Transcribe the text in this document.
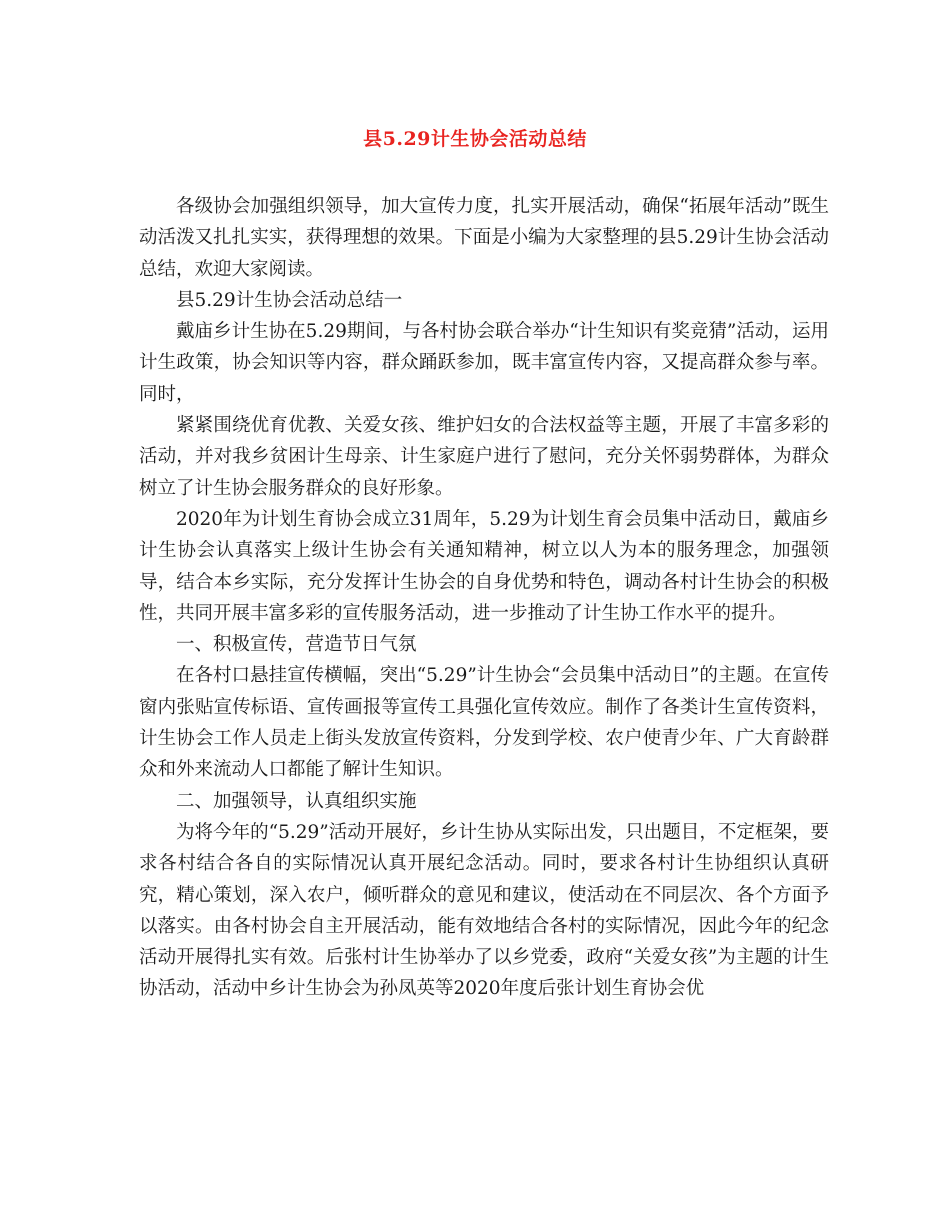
县5.29计生协会活动总结

各级协会加强组织领导，加大宣传力度，扎实开展活动，确保“拓展年活动”既生动活泼又扎扎实实，获得理想的效果。下面是小编为大家整理的县5.29计生协会活动总结，欢迎大家阅读。

县5.29计生协会活动总结一

戴庙乡计生协在5.29期间，与各村协会联合举办“计生知识有奖竞猜”活动，运用计生政策，协会知识等内容，群众踊跃参加，既丰富宣传内容，又提高群众参与率。同时，

紧紧围绕优育优教、关爱女孩、维护妇女的合法权益等主题，开展了丰富多彩的活动，并对我乡贫困计生母亲、计生家庭户进行了慰问，充分关怀弱势群体，为群众树立了计生协会服务群众的良好形象。

2020年为计划生育协会成立31周年，5.29为计划生育会员集中活动日，戴庙乡计生协会认真落实上级计生协会有关通知精神，树立以人为本的服务理念，加强领导，结合本乡实际，充分发挥计生协会的自身优势和特色，调动各村计生协会的积极性，共同开展丰富多彩的宣传服务活动，进一步推动了计生协工作水平的提升。

一、积极宣传，营造节日气氛

在各村口悬挂宣传横幅，突出“5.29”计生协会“会员集中活动日”的主题。在宣传窗内张贴宣传标语、宣传画报等宣传工具强化宣传效应。制作了各类计生宣传资料，计生协会工作人员走上街头发放宣传资料，分发到学校、农户使青少年、广大育龄群众和外来流动人口都能了解计生知识。

二、加强领导，认真组织实施

为将今年的“5.29”活动开展好，乡计生协从实际出发，只出题目，不定框架，要求各村结合各自的实际情况认真开展纪念活动。同时，要求各村计生协组织认真研究，精心策划，深入农户，倾听群众的意见和建议，使活动在不同层次、各个方面予以落实。由各村协会自主开展活动，能有效地结合各村的实际情况，因此今年的纪念活动开展得扎实有效。后张村计生协举办了以乡党委，政府“关爱女孩”为主题的计生协活动，活动中乡计生协会为孙凤英等2020年度后张计划生育协会优
